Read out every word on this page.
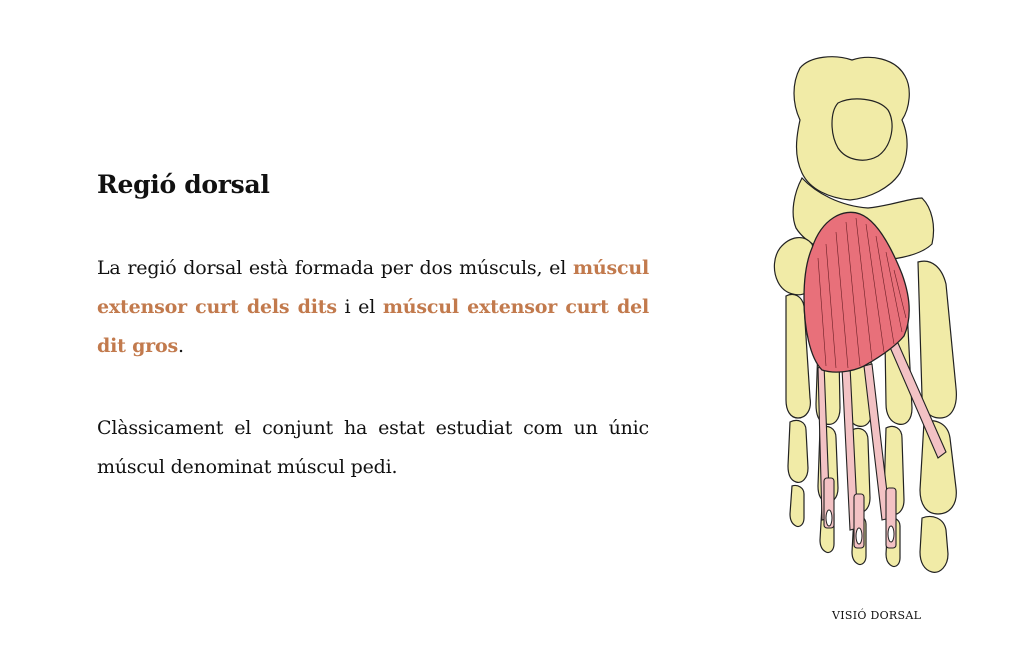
Regió dorsal

La regió dorsal està formada per dos músculs, el múscul extensor curt dels dits i el múscul extensor curt del dit gros.

Clàssicament el conjunt ha estat estudiat com un únic múscul denominat múscul pedi.

VISIÓ DORSAL
